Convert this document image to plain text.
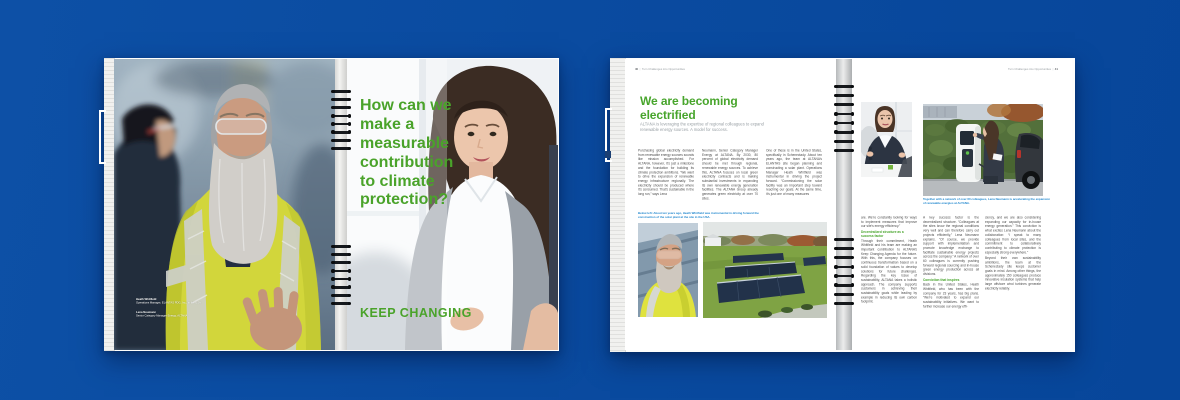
Heath Whitfield
Operations Manager, ELANTAS PDG, Inc., in the USA
Lena Neumann
Senior Category Manager Energy, ALTANA
How can we make a measurable contribution to climate protection?
KEEP CHANGING
40 | Turn Challenges into Opportunities
We are becoming electrified
ALTANA is leveraging the expertise of regional colleagues to expand renewable energy sources. A model for success.
Purchasing global electricity demand from renewable energy sources sounds like mission accomplished. For ALTANA, however, it’s just a milestone and the foundation for building its climate protection ambitions. “We want to drive the expansion of renewable energy infrastructure regionally. The electricity should be produced where it’s consumed. That’s sustainable in the long run,” says Lena
Neumann, Senior Category Manager Energy at ALTANA. By 2030, 80 percent of global electricity demand should be met through regional, renewable energy sources. To achieve this, ALTANA focuses on local green electricity contracts and is making substantial investments in expanding its own renewable energy generation facilities. The ALTANA Group already generates green electricity at over 70 sites.
One of these is in the United States, specifically in Schenectady. About ten years ago, the team at ALTANA’s ELANTAS site began planning and constructing a solar plant. Operations Manager Heath Whitfield was instrumental in driving the project forward. “Commissioning the solar facility was an important step toward reaching our goals. At the same time, it’s just one of many measures
Below left: About ten years ago, Heath Whitfield was instrumental in driving forward the construction of the solar plant at the site in the USA.
Turn Challenges into Opportunities | 41
Together with a network of over 60 colleagues, Lena Neumann is accelerating the expansion of renewable energies at ALTANA.
are. We’re constantly looking for ways to implement measures that improve our site’s energy efficiency.”
Decentralized structure as a success factor
Through their commitment, Heath Whitfield and his team are making an important contribution to ALTANA’s Keep Changing Agenda for the future. With this, the company focuses on continuous transformation based on a solid foundation of values to develop solutions for future challenges. Regarding the key issue of sustainability, ALTANA takes a holistic approach. The company supports customers in achieving their sustainability goals while leading by example in reducing its own carbon footprint.
A key success factor is the decentralized structure. “Colleagues at the sites know the regional conditions very well and can therefore carry out projects efficiently,” Lena Neumann explains. “Of course, we provide support with implementation and promote knowledge exchange to facilitate sustainable energy projects across the company.” A network of over 60 colleagues is currently pushing forward regional sourcing and in-house green energy production across all divisions.
Conviction that inspires
Back in the United States, Heath Whitfield, who has been with the company for 23 years, has big plans. “We’re motivated to expand our sustainability initiatives. We want to further increase our energy effi-
ciency, and we are also considering expanding our capacity for in-house energy generation.” This conviction is what excites Lena Neumann about the collaboration: “I speak to many colleagues from local sites, and the commitment to collaboratively contributing to climate protection is especially strong everywhere.”
Beyond their own sustainability ambitions, the team at the Schenectady site keeps customer goals in mind. Among other things, the approximately 150 colleagues produce innovative insulation systems that help large offshore wind turbines generate electricity reliably.
